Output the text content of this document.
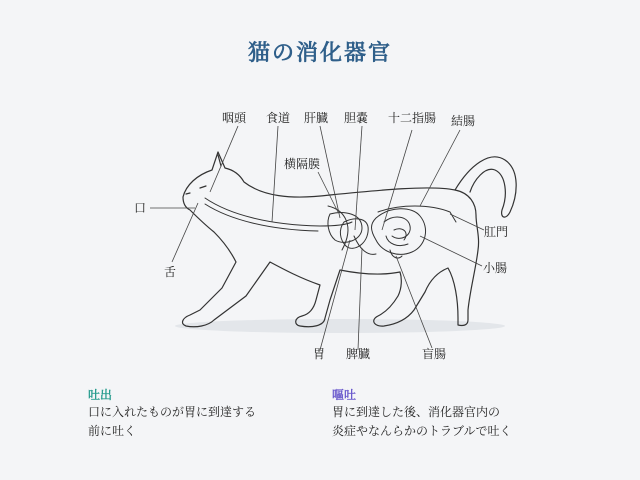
猫の消化器官
口
舌
咽頭 食道 肝臓 胆嚢 十二指腸 結腸
横隔膜
肛門
小腸
胃 脾臓	盲腸
吐出
口に入れたものが胃に到達する
前に吐く
嘔吐
胃に到達した後、消化器官内の
炎症やなんらかのトラブルで吐く
